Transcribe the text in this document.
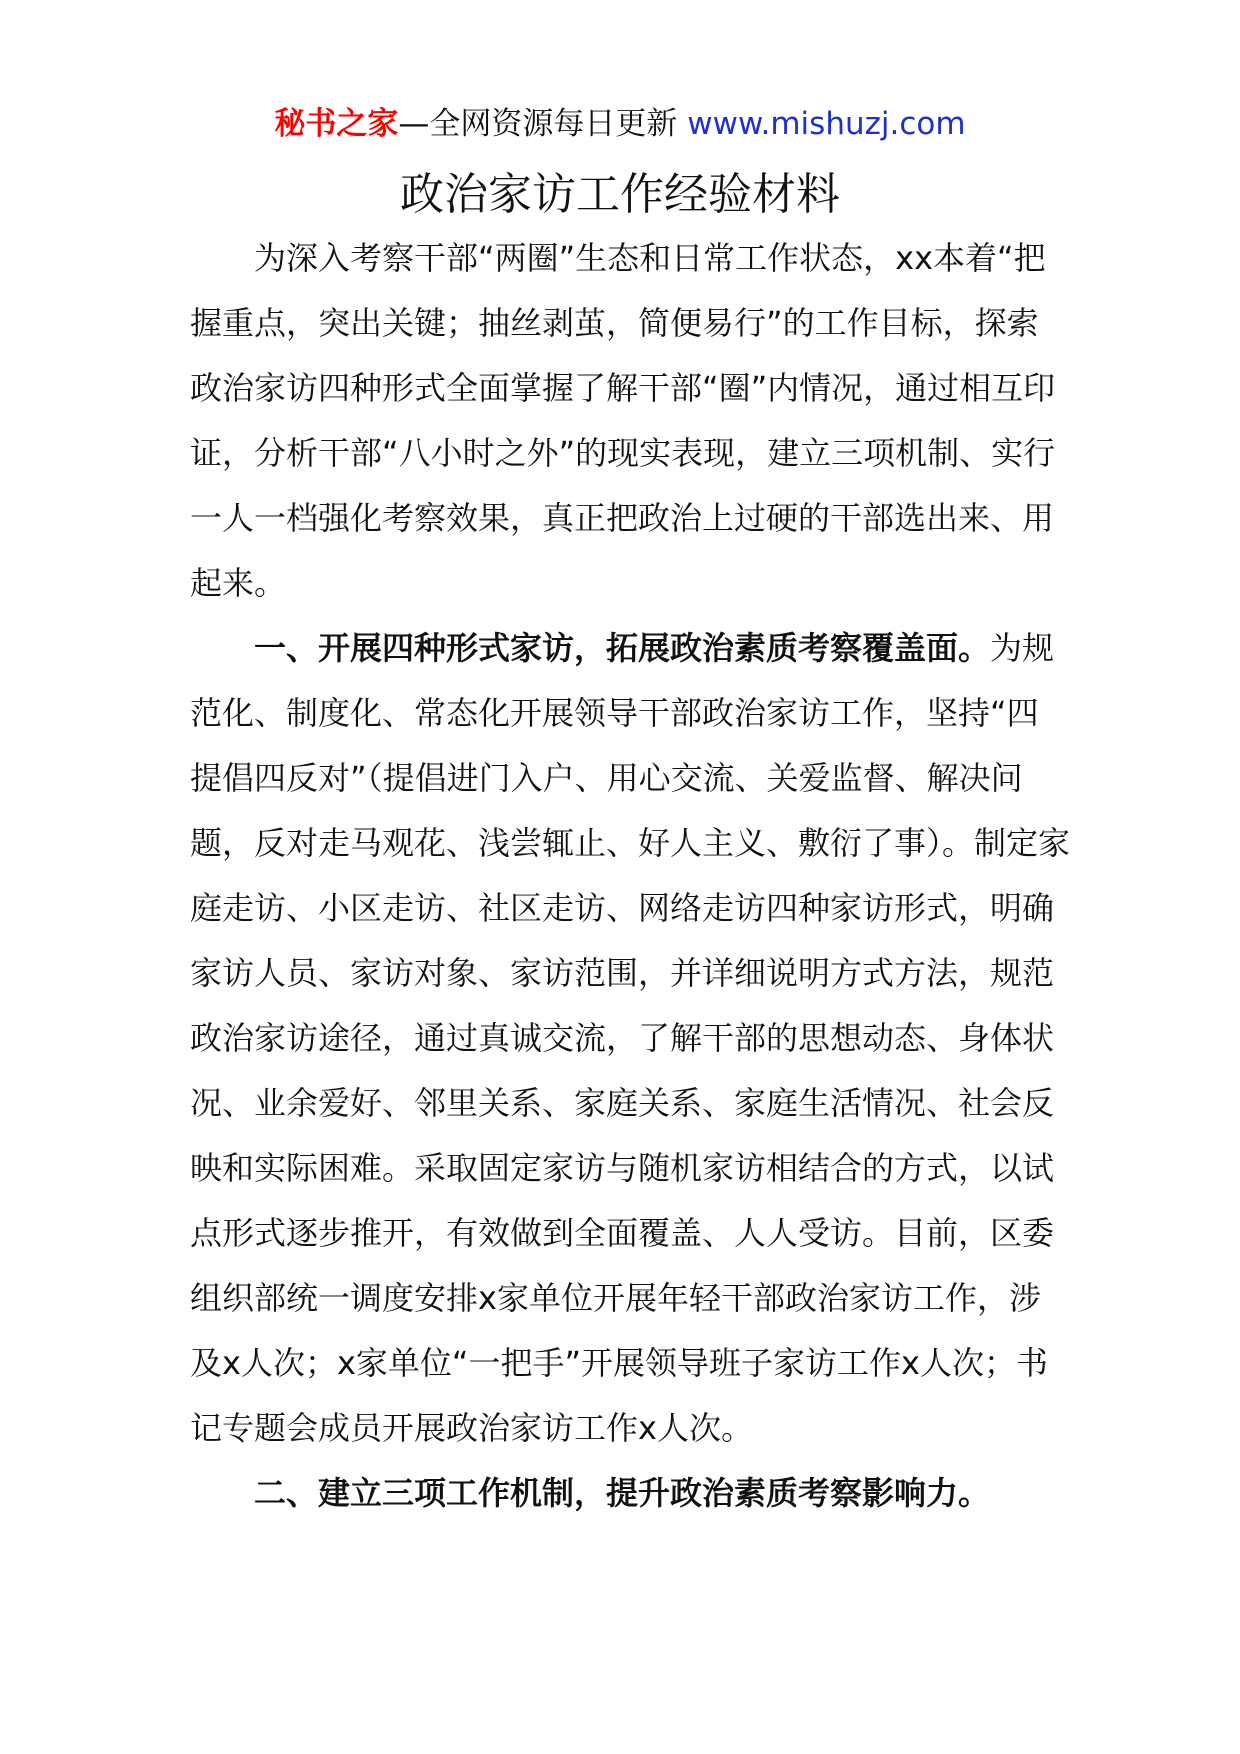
秘书之家—全网资源每日更新 www.mishuzj.com
政治家访工作经验材料

为深入考察干部“两圈”生态和日常工作状态，xx本着“把握重点，突出关键；抽丝剥茧，简便易行”的工作目标，探索政治家访四种形式全面掌握了解干部“圈”内情况，通过相互印证，分析干部“八小时之外”的现实表现，建立三项机制、实行一人一档强化考察效果，真正把政治上过硬的干部选出来、用起来。

一、开展四种形式家访，拓展政治素质考察覆盖面。为规范化、制度化、常态化开展领导干部政治家访工作，坚持“四提倡四反对”（提倡进门入户、用心交流、关爱监督、解决问题，反对走马观花、浅尝辄止、好人主义、敷衍了事）。制定家庭走访、小区走访、社区走访、网络走访四种家访形式，明确家访人员、家访对象、家访范围，并详细说明方式方法，规范政治家访途径，通过真诚交流，了解干部的思想动态、身体状况、业余爱好、邻里关系、家庭关系、家庭生活情况、社会反映和实际困难。采取固定家访与随机家访相结合的方式，以试点形式逐步推开，有效做到全面覆盖、人人受访。目前，区委组织部统一调度安排x家单位开展年轻干部政治家访工作，涉及x人次；x家单位“一把手”开展领导班子家访工作x人次；书记专题会成员开展政治家访工作x人次。

二、建立三项工作机制，提升政治素质考察影响力。
